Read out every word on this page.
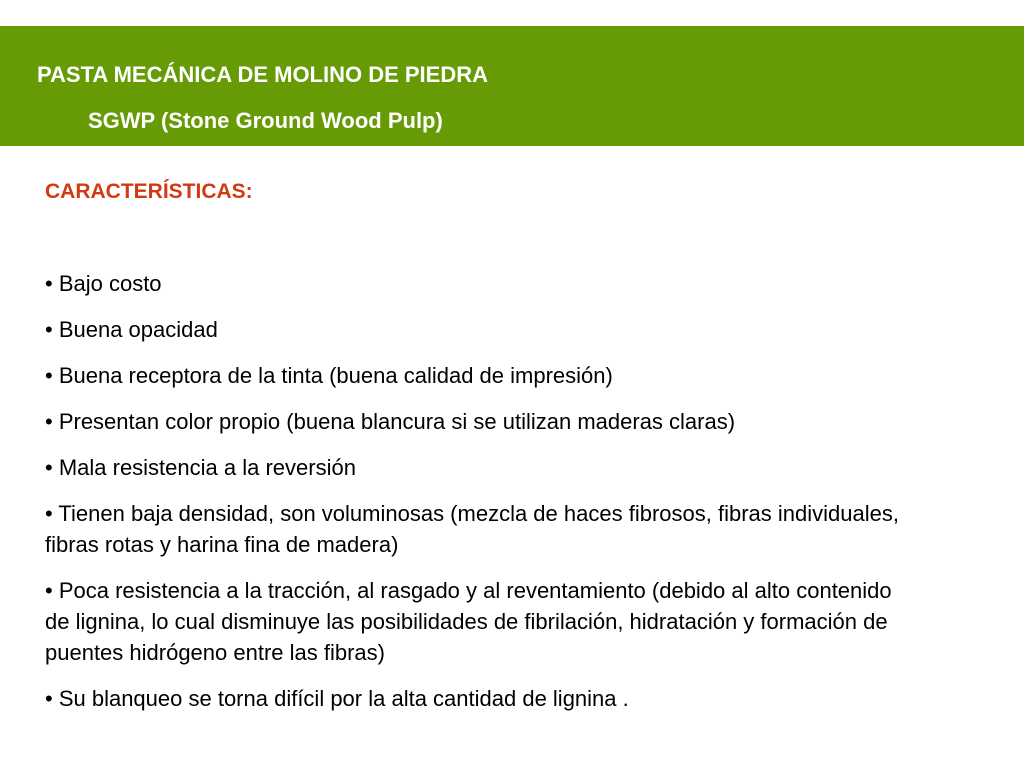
PASTA MECÁNICA DE MOLINO DE PIEDRA
SGWP (Stone Ground Wood Pulp)
CARACTERÍSTICAS:
• Bajo costo
• Buena opacidad
• Buena receptora de la tinta (buena calidad de impresión)
• Presentan color propio (buena blancura si se utilizan maderas claras)
• Mala resistencia a la reversión
• Tienen baja densidad, son voluminosas (mezcla de haces fibrosos, fibras individuales, fibras rotas y harina fina de madera)
• Poca resistencia a la tracción, al rasgado y al reventamiento (debido al alto contenido de lignina, lo cual disminuye las posibilidades de fibrilación, hidratación y formación de puentes hidrógeno entre las fibras)
• Su blanqueo se torna difícil por la alta cantidad de lignina .
